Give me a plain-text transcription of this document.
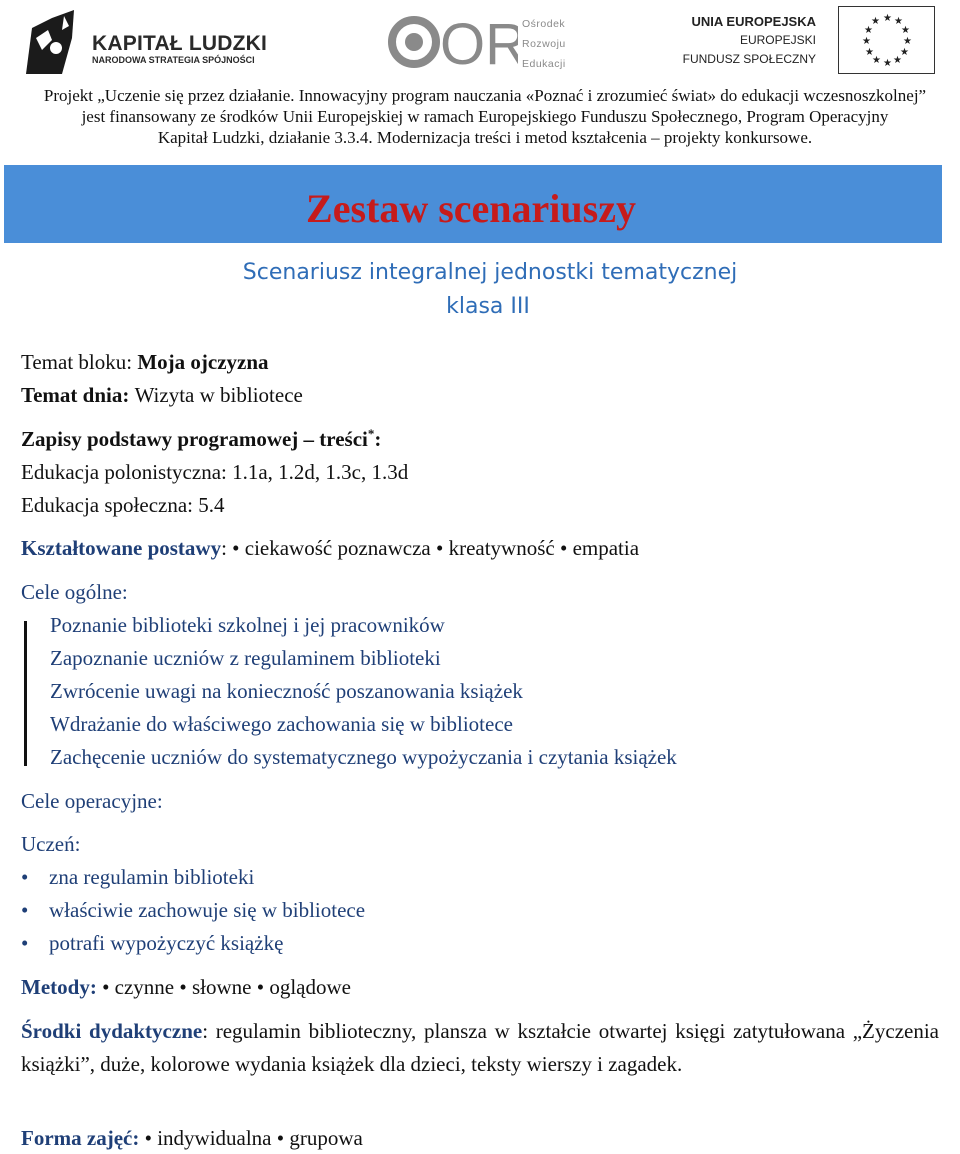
KAPITAŁ LUDZKI
NARODOWA STRATEGIA SPÓJNOŚCI	OR
Ośrodek
Rozwoju
Edukacji
UNIA EUROPEJSKA
EUROPEJSKI
FUNDUSZ SPOŁECZNY
★ ★
★
★
★
★
★
★
★
★
★
★
Projekt „Uczenie się przez działanie. Innowacyjny program nauczania «Poznać i zrozumieć świat» do edukacji wczesnoszkolnej”
jest finansowany ze środków Unii Europejskiej w ramach Europejskiego Funduszu Społecznego, Program Operacyjny
Kapitał Ludzki, działanie 3.3.4. Modernizacja treści i metod kształcenia – projekty konkursowe.
Zestaw scenariuszy
Scenariusz integralnej jednostki tematycznej
klasa III
Temat bloku: Moja ojczyzna
Temat dnia: Wizyta w bibliotece
Zapisy podstawy programowej – treści*:
Edukacja polonistyczna: 1.1a, 1.2d, 1.3c, 1.3d
Edukacja społeczna: 5.4
Kształtowane postawy: • ciekawość poznawcza • kreatywność • empatia
Cele ogólne:
Poznanie biblioteki szkolnej i jej pracowników
Zapoznanie uczniów z regulaminem biblioteki
Zwrócenie uwagi na konieczność poszanowania książek
Wdrażanie do właściwego zachowania się w bibliotece
Zachęcenie uczniów do systematycznego wypożyczania i czytania książek
Cele operacyjne:
Uczeń:
• zna regulamin biblioteki
• właściwie zachowuje się w bibliotece
• potrafi wypożyczyć książkę
Metody: • czynne • słowne • oglądowe
Środki dydaktyczne: regulamin biblioteczny, plansza w kształcie otwartej księgi zatytułowana „Życzenia książki”, duże, kolorowe wydania książek dla dzieci, teksty wierszy i zagadek.
Forma zajęć: • indywidualna • grupowa
